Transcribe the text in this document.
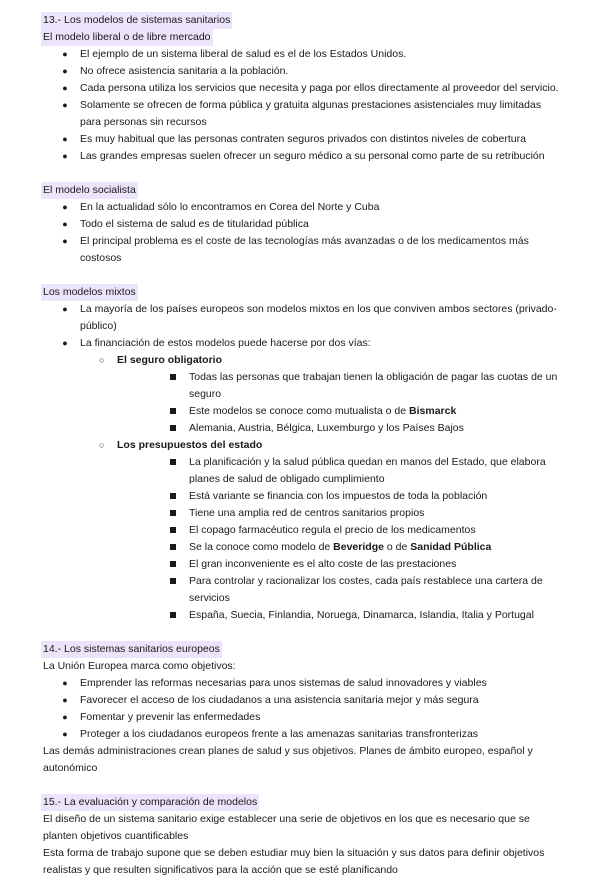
13.- Los modelos de sistemas sanitarios
El modelo liberal o de libre mercado
● El ejemplo de un sistema liberal de salud es el de los Estados Unidos.
● No ofrece asistencia sanitaria a la población.
● Cada persona utiliza los servicios que necesita y paga por ellos directamente al proveedor del servicio.
● Solamente se ofrecen de forma pública y gratuita algunas prestaciones asistenciales muy limitadas para personas sin recursos
● Es muy habitual que las personas contraten seguros privados con distintos niveles de cobertura
● Las grandes empresas suelen ofrecer un seguro médico a su personal como parte de su retribución
El modelo socialista
● En la actualidad sólo lo encontramos en Corea del Norte y Cuba
● Todo el sistema de salud es de titularidad pública
● El principal problema es el coste de las tecnologías más avanzadas o de los medicamentos más costosos
Los modelos mixtos
● La mayoría de los países europeos son modelos mixtos en los que conviven ambos sectores (privado-público)
● La financiación de estos modelos puede hacerse por dos vías:
○ El seguro obligatorio
Todas las personas que trabajan tienen la obligación de pagar las cuotas de un seguro
Este modelos se conoce como mutualista o de Bismarck
Alemania, Austria, Bélgica, Luxemburgo y los Países Bajos
○ Los presupuestos del estado
La planificación y la salud pública quedan en manos del Estado, que elabora planes de salud de obligado cumplimiento
Está variante se financia con los impuestos de toda la población
Tiene una amplia red de centros sanitarios propios
El copago farmacéutico regula el precio de los medicamentos
Se la conoce como modelo de Beveridge o de Sanidad Pública
El gran inconveniente es el alto coste de las prestaciones
Para controlar y racionalizar los costes, cada país restablece una cartera de servicios
España, Suecia, Finlandia, Noruega, Dinamarca, Islandia, Italia y Portugal
14.- Los sistemas sanitarios europeos
La Unión Europea marca como objetivos:
● Emprender las reformas necesarias para unos sistemas de salud innovadores y viables
● Favorecer el acceso de los ciudadanos a una asistencia sanitaria mejor y más segura
● Fomentar y prevenir las enfermedades
● Proteger a los ciudadanos europeos frente a las amenazas sanitarias transfronterizas
Las demás administraciones crean planes de salud y sus objetivos. Planes de ámbito europeo, español y autonómico
15.- La evaluación y comparación de modelos
El diseño de un sistema sanitario exige establecer una serie de objetivos en los que es necesario que se planten objetivos cuantificables
Esta forma de trabajo supone que se deben estudiar muy bien la situación y sus datos para definir objetivos realistas y que resulten significativos para la acción que se esté planificando
